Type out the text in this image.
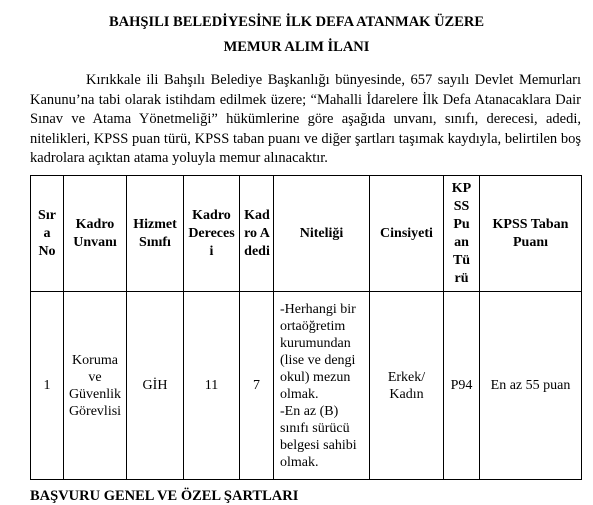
BAHŞILI BELEDİYESİNE İLK DEFA ATANMAK ÜZERE
MEMUR ALIM İLANI

Kırıkkale ili Bahşılı Belediye Başkanlığı bünyesinde, 657 sayılı Devlet Memurları Kanunu’na tabi olarak istihdam edilmek üzere; “Mahalli İdarelere İlk Defa Atanacaklara Dair Sınav ve Atama Yönetmeliği” hükümlerine göre aşağıda unvanı, sınıfı, derecesi, adedi, nitelikleri, KPSS puan türü, KPSS taban puanı ve diğer şartları taşımak kaydıyla, belirtilen boş kadrolara açıktan atama yoluyla memur alınacaktır.

Sıra No	Kadro Unvanı	Hizmet Sınıfı	Kadro Derecesi	Kadro Adedi	Niteliği	Cinsiyeti	KPSS Puan Türü	KPSS Taban Puanı
1	Koruma ve Güvenlik Görevlisi	GİH	11	7	-Herhangi bir ortaöğretim kurumundan (lise ve dengi okul) mezun olmak.
-En az (B) sınıfı sürücü belgesi sahibi olmak.	Erkek/ Kadın	P94	En az 55 puan
BAŞVURU GENEL VE ÖZEL ŞARTLARI
